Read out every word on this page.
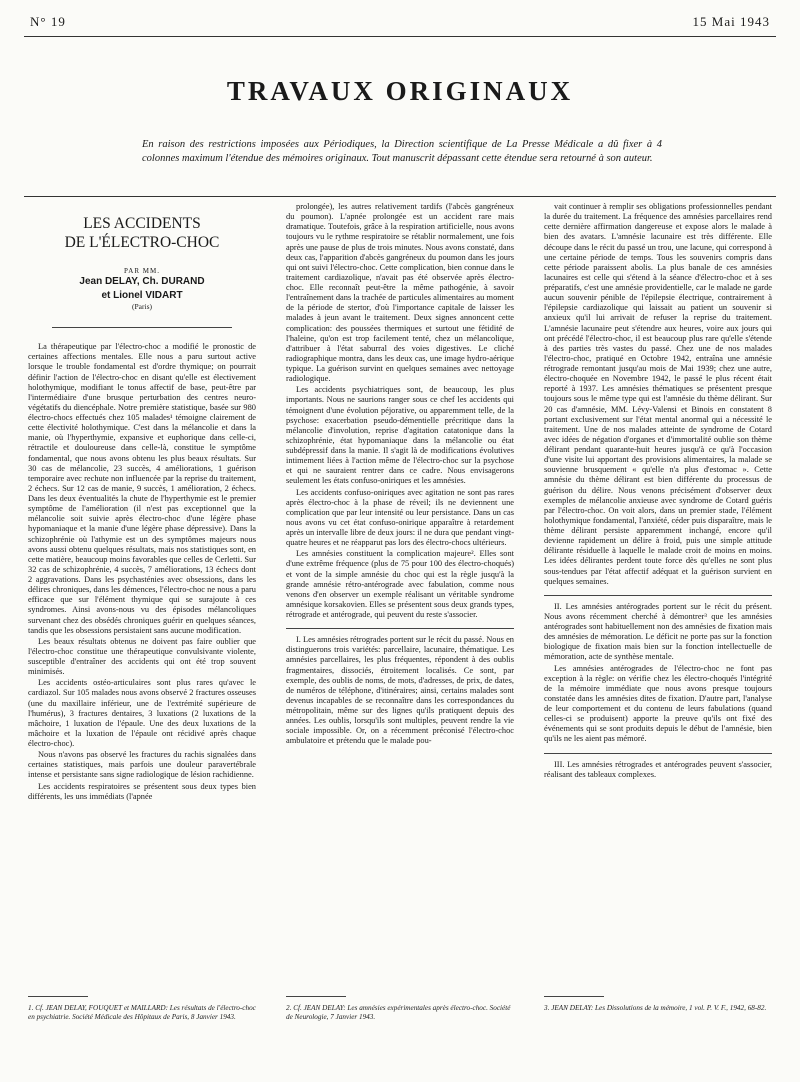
N° 19	15 Mai 1943
TRAVAUX ORIGINAUX
En raison des restrictions imposées aux Périodiques, la Direction scientifique de La Presse Médicale a dû fixer à 4 colonnes maximum l'étendue des mémoires originaux. Tout manuscrit dépassant cette étendue sera retourné à son auteur.
LES ACCIDENTS
DE L'ÉLECTRO-CHOC
PAR MM.
Jean DELAY, Ch. DURAND
et Lionel VIDART
(Paris)

La thérapeutique par l'électro-choc a modifié le pronostic de certaines affections mentales. Elle nous a paru surtout active lorsque le trouble fondamental est d'ordre thymique; on pourrait définir l'action de l'électro-choc en disant qu'elle est électivement holothymique, modifiant le tonus affectif de base, peut-être par l'intermédiaire d'une brusque perturbation des centres neuro-végétatifs du diencéphale. Notre première statistique, basée sur 980 électro-chocs effectués chez 105 malades¹ témoigne clairement de cette électivité holothymique. C'est dans la mélancolie et dans la manie, où l'hyperthymie, expansive et euphorique dans celle-ci, rétractile et douloureuse dans celle-là, constitue le symptôme fondamental, que nous avons obtenu les plus beaux résultats. Sur 30 cas de mélancolie, 23 succès, 4 améliorations, 1 guérison temporaire avec rechute non influencée par la reprise du traitement, 2 échecs. Sur 12 cas de manie, 9 succès, 1 amélioration, 2 échecs. Dans les deux éventualités la chute de l'hyperthymie est le premier symptôme de l'amélioration (il n'est pas exceptionnel que la mélancolie soit suivie après électro-choc d'une légère phase hypomaniaque et la manie d'une légère phase dépressive). Dans la schizophrénie où l'athymie est un des symptômes majeurs nous avons aussi obtenu quelques résultats, mais nos statistiques sont, en cette matière, beaucoup moins favorables que celles de Cerletti. Sur 32 cas de schizophrénie, 4 succès, 7 améliorations, 13 échecs dont 2 aggravations. Dans les psychasténies avec obsessions, dans les délires chroniques, dans les démences, l'électro-choc ne nous a paru efficace que sur l'élément thymique qui se surajoute à ces syndromes. Ainsi avons-nous vu des épisodes mélancoliques survenant chez des obsédés chroniques guérir en quelques séances, tandis que les obsessions persistaient sans aucune modification.

Les beaux résultats obtenus ne doivent pas faire oublier que l'électro-choc constitue une thérapeutique convulsivante violente, susceptible d'entraîner des accidents qui ont été trop souvent minimisés.

Les accidents ostéo-articulaires sont plus rares qu'avec le cardiazol. Sur 105 malades nous avons observé 2 fractures osseuses (une du maxillaire inférieur, une de l'extrémité supérieure de l'humérus), 3 fractures dentaires, 3 luxations (2 luxations de la mâchoire, 1 luxation de l'épaule. Une des deux luxations de la mâchoire et la luxation de l'épaule ont récidivé après chaque électro-choc).

Nous n'avons pas observé les fractures du rachis signalées dans certaines statistiques, mais parfois une douleur paravertébrale intense et persistante sans signe radiologique de lésion rachidienne.

Les accidents respiratoires se présentent sous deux types bien différents, les uns immédiats (l'apnée

1. Cf. JEAN DELAY, FOUQUET et MAILLARD: Les résultats de l'électro-choc en psychiatrie. Société Médicale des Hôpitaux de Paris, 8 Janvier 1943.

prolongée), les autres relativement tardifs (l'abcès gangréneux du poumon). L'apnée prolongée est un accident rare mais dramatique. Toutefois, grâce à la respiration artificielle, nous avons toujours vu le rythme respiratoire se rétablir normalement, une fois après une pause de plus de trois minutes. Nous avons constaté, dans deux cas, l'apparition d'abcès gangréneux du poumon dans les jours qui ont suivi l'électro-choc. Cette complication, bien connue dans le traitement cardiazolique, n'avait pas été observée après électro-choc. Elle reconnaît peut-être la même pathogénie, à savoir l'entraînement dans la trachée de particules alimentaires au moment de la période de stertor, d'où l'importance capitale de laisser les malades à jeun avant le traitement. Deux signes annoncent cette complication: des poussées thermiques et surtout une fétidité de l'haleine, qu'on est trop facilement tenté, chez un mélancolique, d'attribuer à l'état saburral des voies digestives. Le cliché radiographique montra, dans les deux cas, une image hydro-aérique typique. La guérison survint en quelques semaines avec nettoyage radiologique.

Les accidents psychiatriques sont, de beaucoup, les plus importants. Nous ne saurions ranger sous ce chef les accidents qui témoignent d'une évolution péjorative, ou apparemment telle, de la psychose: exacerbation pseudo-démentielle précritique dans la mélancolie d'involution, reprise d'agitation catatonique dans la schizophrénie, état hypomaniaque dans la mélancolie ou état subdépressif dans la manie. Il s'agit là de modifications évolutives intimement liées à l'action même de l'électro-choc sur la psychose et qui ne sauraient rentrer dans ce cadre. Nous envisagerons seulement les états confuso-oniriques et les amnésies.

Les accidents confuso-oniriques avec agitation ne sont pas rares après électro-choc à la phase de réveil; ils ne deviennent une complication que par leur intensité ou leur persistance. Dans un cas nous avons vu cet état confuso-onirique apparaître à retardement après un intervalle libre de deux jours: il ne dura que pendant vingt-quatre heures et ne réapparut pas lors des électro-chocs ultérieurs.

Les amnésies constituent la complication majeure². Elles sont d'une extrême fréquence (plus de 75 pour 100 des électro-choqués) et vont de la simple amnésie du choc qui est la règle jusqu'à la grande amnésie rétro-antérograde avec fabulation, comme nous venons d'en observer un exemple réalisant un véritable syndrome amnésique korsakovien. Elles se présentent sous deux grands types, rétrograde et antérograde, qui peuvent du reste s'associer.

I. Les amnésies rétrogrades portent sur le récit du passé. Nous en distinguerons trois variétés: parcellaire, lacunaire, thématique. Les amnésies parcellaires, les plus fréquentes, répondent à des oublis fragmentaires, dissociés, étroitement localisés. Ce sont, par exemple, des oublis de noms, de mots, d'adresses, de prix, de dates, de numéros de téléphone, d'itinéraires; ainsi, certains malades sont devenus incapables de se reconnaître dans les correspondances du métropolitain, même sur des lignes qu'ils pratiquent depuis des années. Les oublis, lorsqu'ils sont multiples, peuvent rendre la vie sociale impossible. Or, on a récemment préconisé l'électro-choc ambulatoire et prétendu que le malade pou-

2. Cf. JEAN DELAY: Les amnésies expérimentales après électro-choc. Société de Neurologie, 7 Janvier 1943.

vait continuer à remplir ses obligations professionnelles pendant la durée du traitement. La fréquence des amnésies parcellaires rend cette dernière affirmation dangereuse et expose alors le malade à bien des avatars. L'amnésie lacunaire est très différente. Elle découpe dans le récit du passé un trou, une lacune, qui correspond à une certaine période de temps. Tous les souvenirs compris dans cette période paraissent abolis. La plus banale de ces amnésies lacunaires est celle qui s'étend à la séance d'électro-choc et à ses préparatifs, c'est une amnésie providentielle, car le malade ne garde aucun souvenir pénible de l'épilepsie électrique, contrairement à l'épilepsie cardiazolique qui laissait au patient un souvenir si anxieux qu'il lui arrivait de refuser la reprise du traitement. L'amnésie lacunaire peut s'étendre aux heures, voire aux jours qui ont précédé l'électro-choc, il est beaucoup plus rare qu'elle s'étende à des parties très vastes du passé. Chez une de nos malades l'électro-choc, pratiqué en Octobre 1942, entraîna une amnésie rétrograde remontant jusqu'au mois de Mai 1939; chez une autre, électro-choquée en Novembre 1942, le passé le plus récent était reporté à 1937. Les amnésies thématiques se présentent presque toujours sous le même type qui est l'amnésie du thème délirant. Sur 20 cas d'amnésie, MM. Lévy-Valensi et Binois en constatent 8 portant exclusivement sur l'état mental anormal qui a nécessité le traitement. Une de nos malades atteinte de syndrome de Cotard avec idées de négation d'organes et d'immortalité oublie son thème délirant pendant quarante-huit heures jusqu'à ce qu'à l'occasion d'une visite lui apportant des provisions alimentaires, la malade se souvienne brusquement « qu'elle n'a plus d'estomac ». Cette amnésie du thème délirant est bien différente du processus de guérison du délire. Nous venons précisément d'observer deux exemples de mélancolie anxieuse avec syndrome de Cotard guéris par l'électro-choc. On voit alors, dans un premier stade, l'élément holothymique fondamental, l'anxiété, céder puis disparaître, mais le thème délirant persiste apparemment inchangé, encore qu'il devienne rapidement un délire à froid, puis une simple attitude délirante résiduelle à laquelle le malade croit de moins en moins. Les idées délirantes perdent toute force dès qu'elles ne sont plus sous-tendues par l'état affectif adéquat et la guérison survient en quelques semaines.

II. Les amnésies antérogrades portent sur le récit du présent. Nous avons récemment cherché à démontrer³ que les amnésies antérogrades sont habituellement non des amnésies de fixation mais des amnésies de mémoration. Le déficit ne porte pas sur la fonction biologique de fixation mais bien sur la fonction intellectuelle de mémoration, acte de synthèse mentale.

Les amnésies antérogrades de l'électro-choc ne font pas exception à la règle: on vérifie chez les électro-choqués l'intégrité de la mémoire immédiate que nous avons presque toujours constatée dans les amnésies dites de fixation. D'autre part, l'analyse de leur comportement et du contenu de leurs fabulations (quand celles-ci se produisent) apporte la preuve qu'ils ont fixé des événements qui se sont produits depuis le début de l'amnésie, bien qu'ils ne les aient pas mémoré.

III. Les amnésies rétrogrades et antérogrades peuvent s'associer, réalisant des tableaux complexes.

3. JEAN DELAY: Les Dissolutions de la mémoire, 1 vol. P. V. F., 1942, 68-82.
